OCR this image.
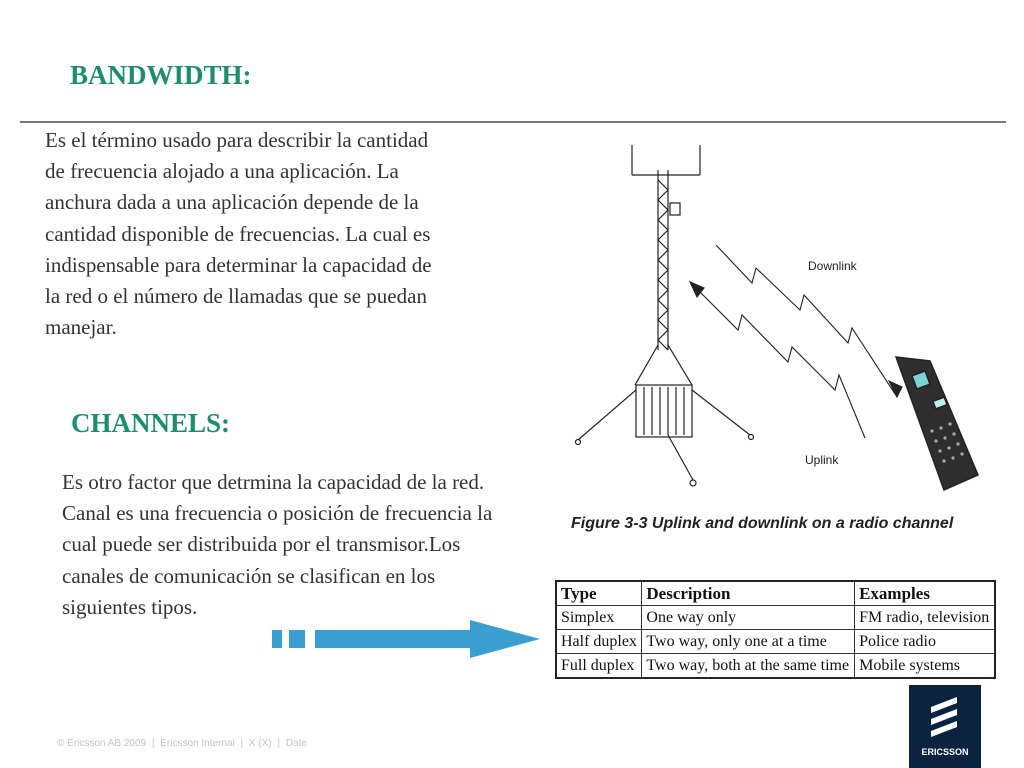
BANDWIDTH:

Es el término usado para describir la cantidad de frecuencia alojado a una aplicación. La anchura dada a una aplicación depende de la cantidad disponible de frecuencias. La cual es indispensable para determinar la capacidad de la red o el número de llamadas que se puedan manejar.

CHANNELS:

Es otro factor que detrmina la capacidad de la red. Canal es una frecuencia o posición de frecuencia la cual puede ser distribuida por el transmisor.Los canales de comunicación se clasifican en los siguientes tipos.

Downlink
Uplink
Figure 3-3 Uplink and downlink on a radio channel
Type	Description	Examples
Simplex	One way only	FM radio, television
Half duplex	Two way, only one at a time	Police radio
Full duplex	Two way, both at the same time	Mobile systems
© Ericsson AB 2009 | Ericsson Internal | X (X) | Date
ERICSSON
